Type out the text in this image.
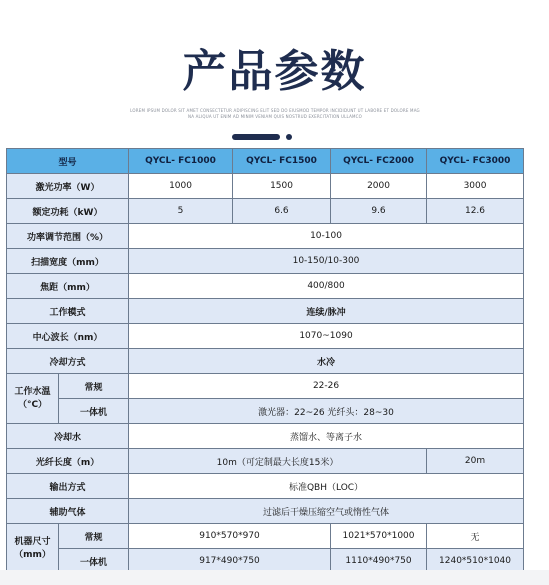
产品参数
LOREM IPSUM DOLOR SIT AMET CONSECTETUR ADIPISCING ELIT SED DO EIUSMOD TEMPOR INCIDIDUNT UT LABORE ET DOLORE MAGNA ALIQUA UT ENIM AD MINIM VENIAM QUIS NOSTRUD EXERCITATION ULLAMCO
型号		QYCL- FC1000	QYCL- FC1500	QYCL- FC2000	QYCL- FC3000
激光功率（W）		1000	1500	2000	3000
额定功耗（kW）		5	6.6	9.6	12.6
功率调节范围（%）		10-100			
扫描宽度（mm）		10-150/10-300			
焦距（mm）		400/800			
工作模式		连续/脉冲			
中心波长（nm）		1070~1090			
冷却方式		水冷			
工作水温（°C）	常规	22-26			
	一体机	激光器：22~26 光纤头：28~30			
冷却水		蒸馏水、等离子水			
光纤长度（m）		10m（可定制最大长度15米）			20m
输出方式		标准QBH（LOC）			
辅助气体		过滤后干燥压缩空气或惰性气体			
机器尺寸（mm）	常规	910*570*970		1021*570*1000	无
	一体机	917*490*750		1110*490*750	1240*510*1040
